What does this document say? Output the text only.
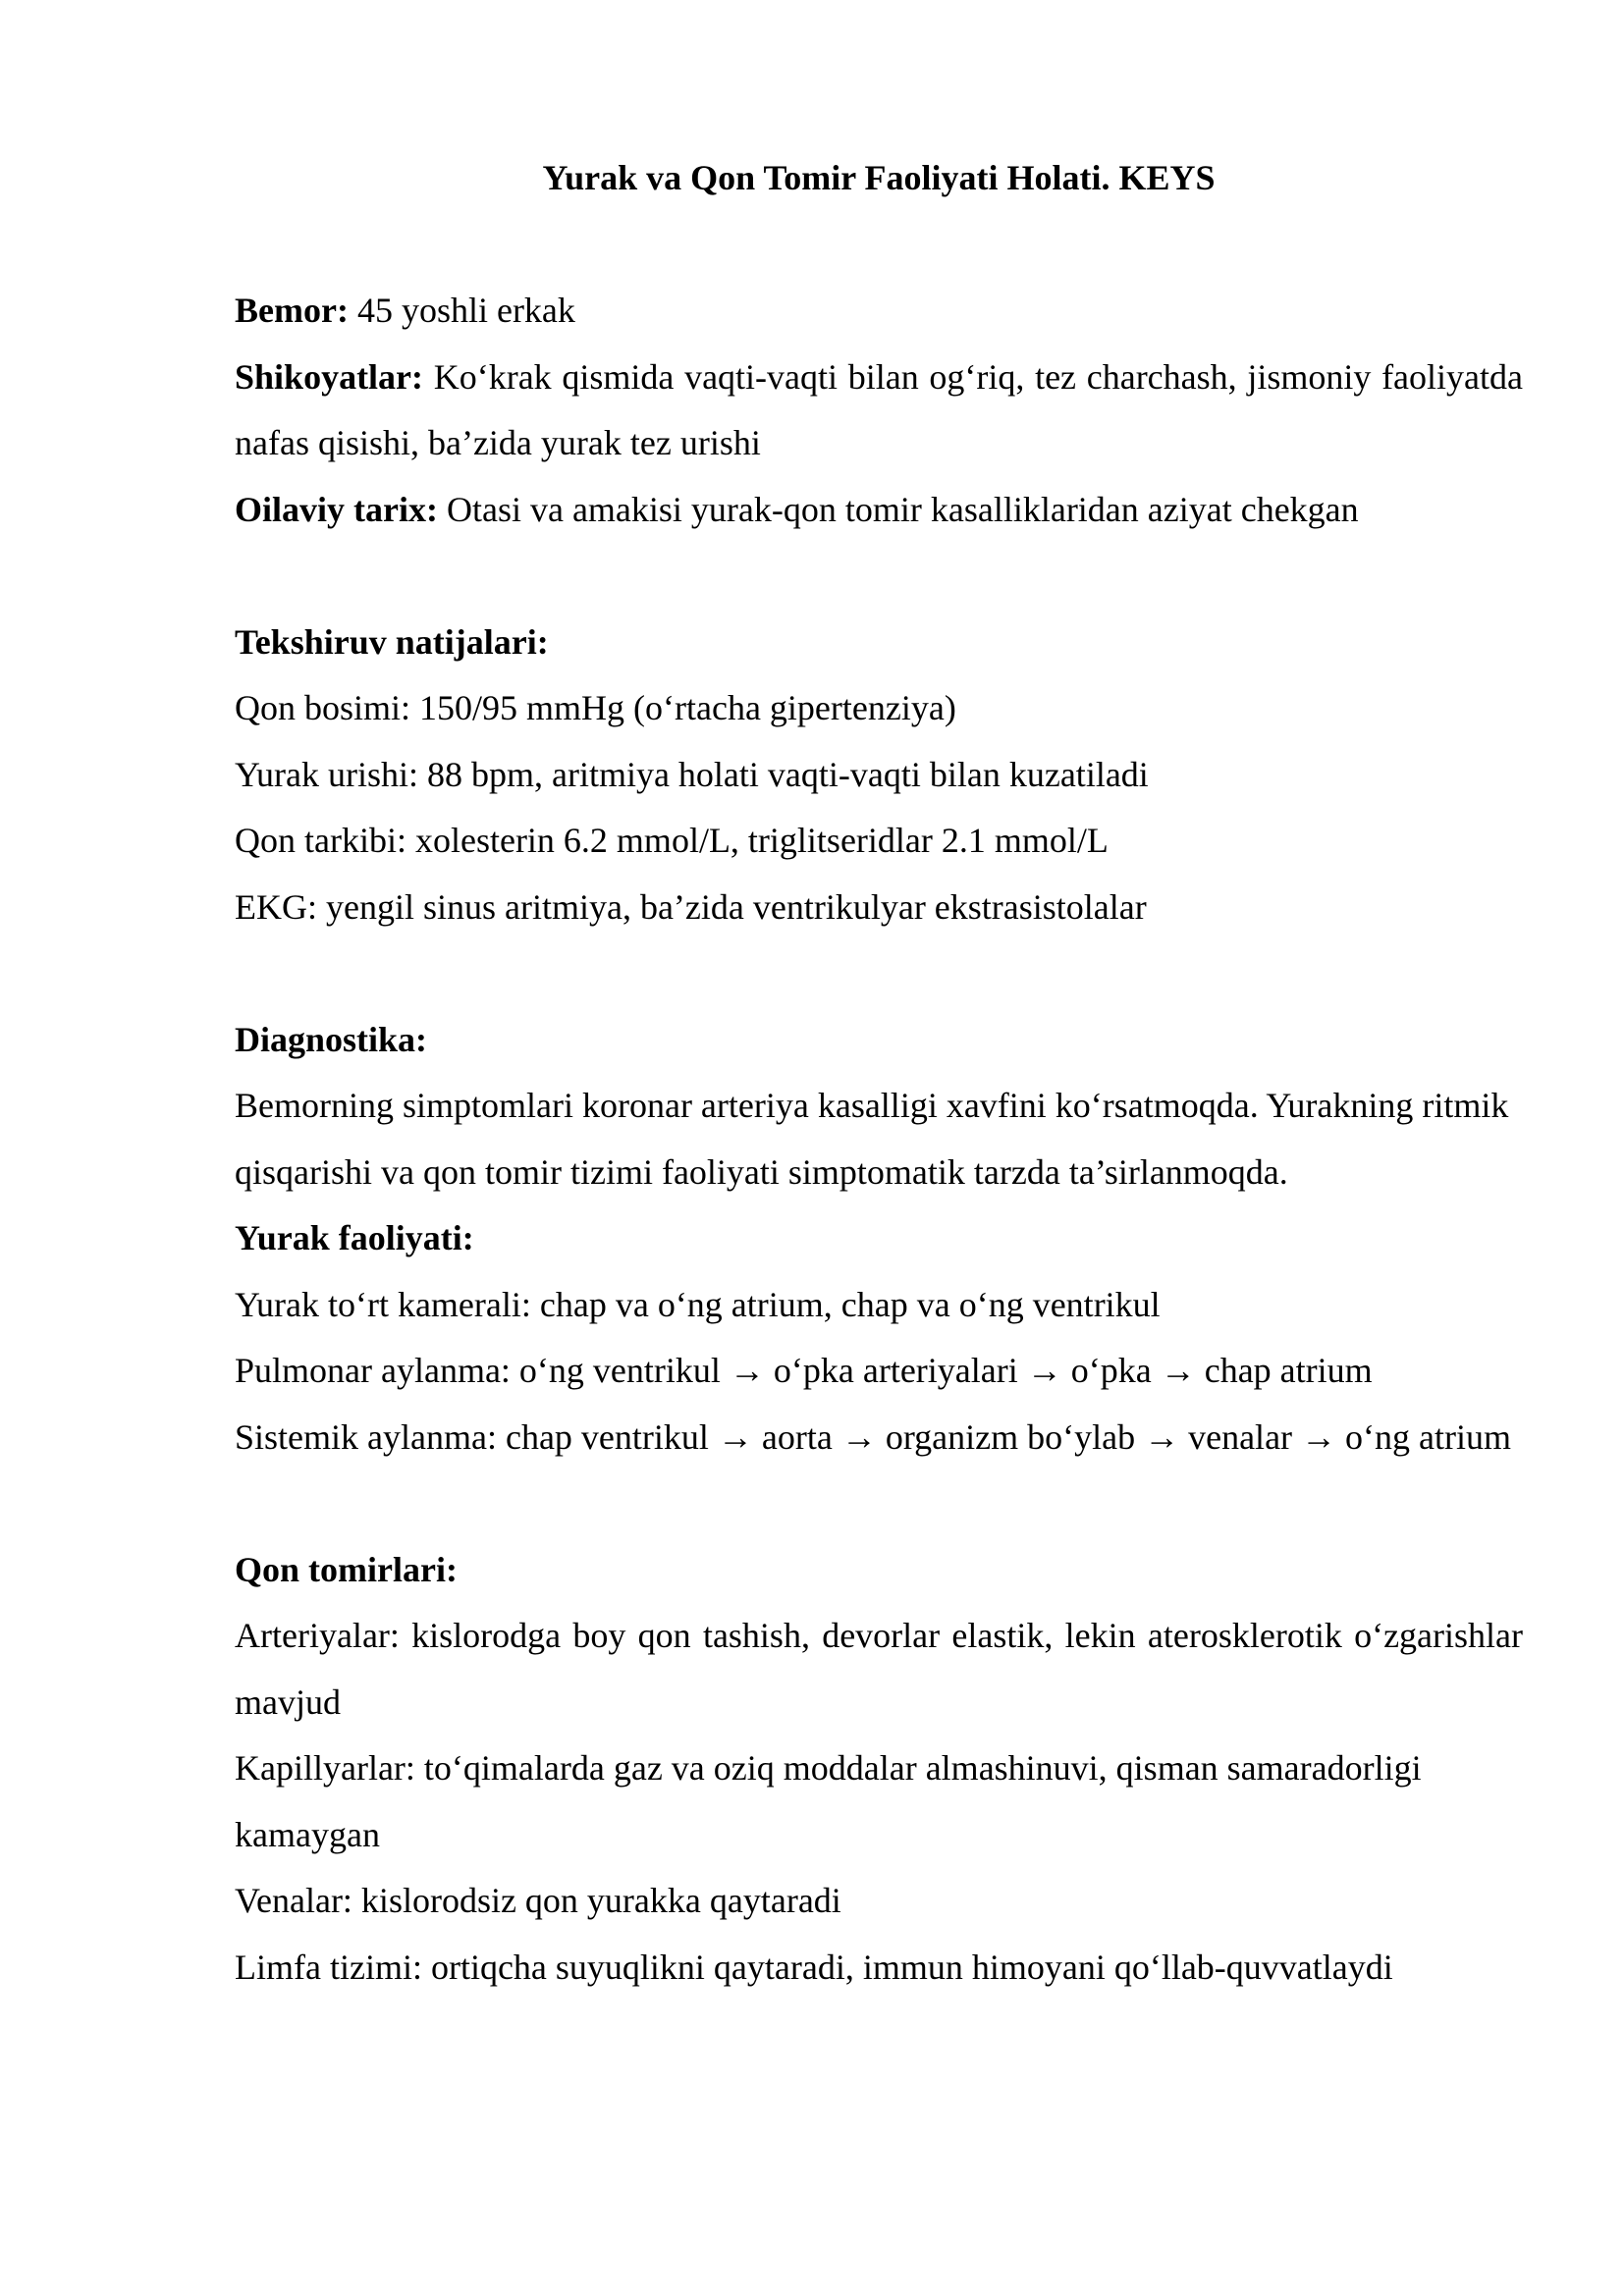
Yurak va Qon Tomir Faoliyati Holati. KEYS

Bemor: 45 yoshli erkak

Shikoyatlar: Ko‘krak qismida vaqti-vaqti bilan og‘riq, tez charchash, jismoniy faoliyatda nafas qisishi, ba’zida yurak tez urishi

Oilaviy tarix: Otasi va amakisi yurak-qon tomir kasalliklaridan aziyat chekgan

Tekshiruv natijalari:

Qon bosimi: 150/95 mmHg (o‘rtacha gipertenziya)

Yurak urishi: 88 bpm, aritmiya holati vaqti-vaqti bilan kuzatiladi

Qon tarkibi: xolesterin 6.2 mmol/L, triglitseridlar 2.1 mmol/L

EKG: yengil sinus aritmiya, ba’zida ventrikulyar ekstrasistolalar

Diagnostika:

Bemorning simptomlari koronar arteriya kasalligi xavfini ko‘rsatmoqda. Yurakning ritmik qisqarishi va qon tomir tizimi faoliyati simptomatik tarzda ta’sirlanmoqda.

Yurak faoliyati:

Yurak to‘rt kamerali: chap va o‘ng atrium, chap va o‘ng ventrikul

Pulmonar aylanma: o‘ng ventrikul → o‘pka arteriyalari → o‘pka → chap atrium

Sistemik aylanma: chap ventrikul → aorta → organizm bo‘ylab → venalar → o‘ng atrium

Qon tomirlari:

Arteriyalar: kislorodga boy qon tashish, devorlar elastik, lekin aterosklerotik o‘zgarishlar mavjud

Kapillyarlar: to‘qimalarda gaz va oziq moddalar almashinuvi, qisman samaradorligi kamaygan

Venalar: kislorodsiz qon yurakka qaytaradi

Limfa tizimi: ortiqcha suyuqlikni qaytaradi, immun himoyani qo‘llab-quvvatlaydi
